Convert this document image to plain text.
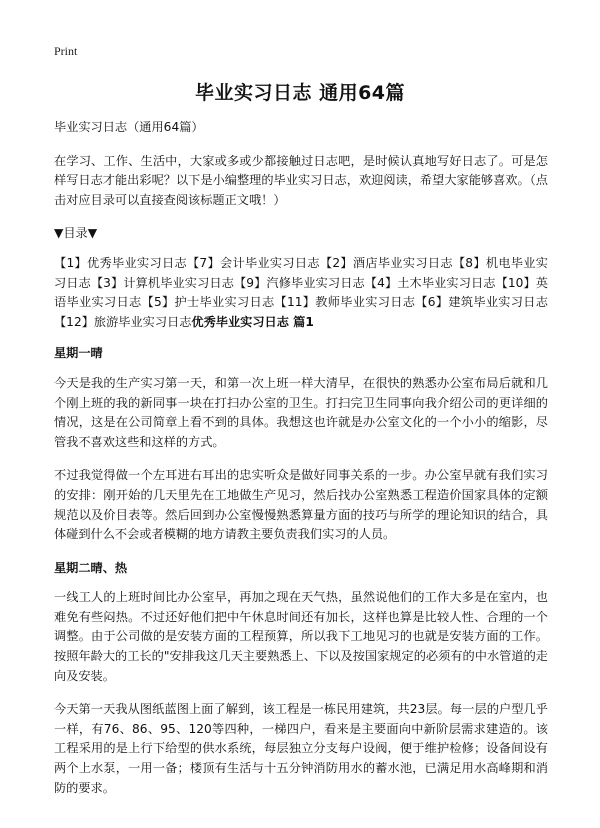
Print
毕业实习日志 通用64篇

毕业实习日志（通用64篇）

在学习、工作、生活中，大家或多或少都接触过日志吧，是时候认真地写好日志了。可是怎样写日志才能出彩呢？以下是小编整理的毕业实习日志，欢迎阅读，希望大家能够喜欢。（点击对应目录可以直接查阅该标题正文哦！）

▼目录▼

【1】优秀毕业实习日志【7】会计毕业实习日志【2】酒店毕业实习日志【8】机电毕业实习日志【3】计算机毕业实习日志【9】汽修毕业实习日志【4】土木毕业实习日志【10】英语毕业实习日志【5】护士毕业实习日志【11】教师毕业实习日志【6】建筑毕业实习日志【12】旅游毕业实习日志优秀毕业实习日志 篇1

星期一晴

今天是我的生产实习第一天，和第一次上班一样大清早，在很快的熟悉办公室布局后就和几个刚上班的我的新同事一块在打扫办公室的卫生。打扫完卫生同事向我介绍公司的更详细的情况，这是在公司简章上看不到的具体。我想这也许就是办公室文化的一个小小的缩影，尽管我不喜欢这些和这样的方式。

不过我觉得做一个左耳进右耳出的忠实听众是做好同事关系的一步。办公室早就有我们实习的安排：刚开始的几天里先在工地做生产见习，然后找办公室熟悉工程造价国家具体的定额规范以及价目表等。然后回到办公室慢慢熟悉算量方面的技巧与所学的理论知识的结合，具体碰到什么不会或者模糊的地方请教主要负责我们实习的人员。

星期二晴、热

一线工人的上班时间比办公室早，再加之现在天气热，虽然说他们的工作大多是在室内，也难免有些闷热。不过还好他们把中午休息时间还有加长，这样也算是比较人性、合理的一个调整。由于公司做的是安装方面的工程预算，所以我下工地见习的也就是安装方面的工作。按照年龄大的工长的"安排我这几天主要熟悉上、下以及按国家规定的必须有的中水管道的走向及安装。

今天第一天我从图纸蓝图上面了解到，该工程是一栋民用建筑，共23层。每一层的户型几乎一样，有76、86、95、120等四种，一梯四户，看来是主要面向中新阶层需求建造的。该工程采用的是上行下给型的供水系统，每层独立分支每户设阀，便于维护检修；设备间设有两个上水泵，一用一备；楼顶有生活与十五分钟消防用水的蓄水池，已满足用水高峰期和消防的要求。
